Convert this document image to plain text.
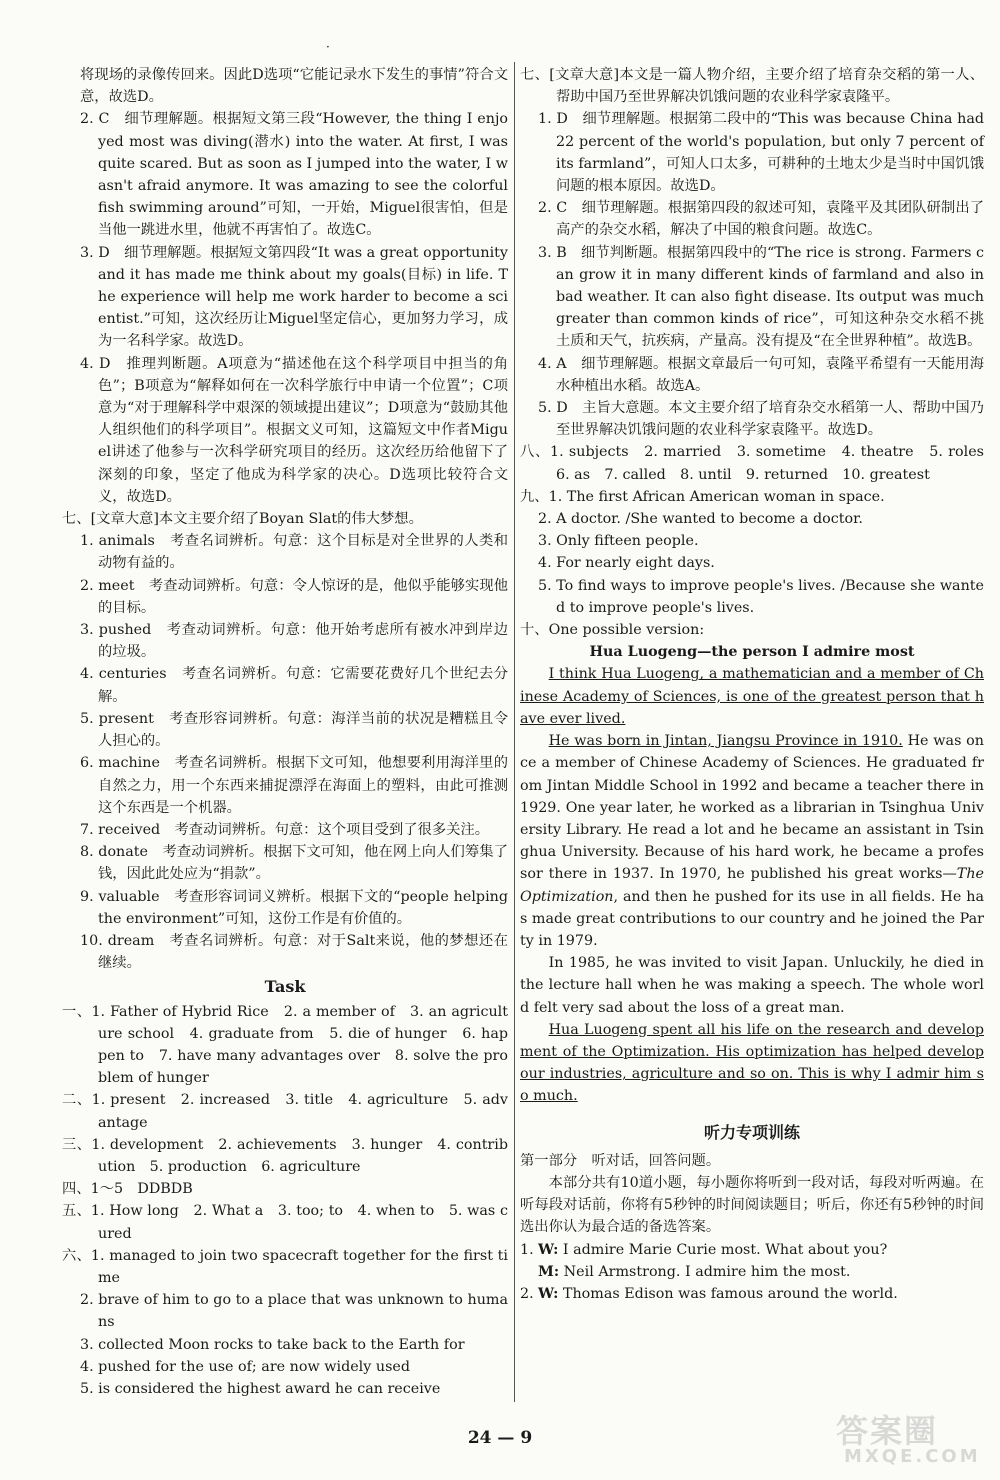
·

将现场的录像传回来。因此D选项“它能记录水下发生的事情”符合文意，故选D。

2. C　细节理解题。根据短文第三段“However, the thing I enjoyed most was diving(潜水) into the water. At first, I was quite scared. But as soon as I jumped into the water, I wasn't afraid anymore. It was amazing to see the colorful fish swimming around”可知，一开始，Miguel很害怕，但是当他一跳进水里，他就不再害怕了。故选C。

3. D　细节理解题。根据短文第四段“It was a great opportunity and it has made me think about my goals(目标) in life. The experience will help me work harder to become a scientist.”可知，这次经历让Miguel坚定信心，更加努力学习，成为一名科学家。故选D。

4. D　推理判断题。A项意为“描述他在这个科学项目中担当的角色”；B项意为“解释如何在一次科学旅行中申请一个位置”；C项意为“对于理解科学中艰深的领域提出建议”；D项意为“鼓励其他人组织他们的科学项目”。根据文义可知，这篇短文中作者Miguel讲述了他参与一次科学研究项目的经历。这次经历给他留下了深刻的印象，坚定了他成为科学家的决心。D选项比较符合文义，故选D。

七、[文章大意]本文主要介绍了Boyan Slat的伟大梦想。

1. animals　考查名词辨析。句意：这个目标是对全世界的人类和动物有益的。

2. meet　考查动词辨析。句意：令人惊讶的是，他似乎能够实现他的目标。

3. pushed　考查动词辨析。句意：他开始考虑所有被水冲到岸边的垃圾。

4. centuries　考查名词辨析。句意：它需要花费好几个世纪去分解。

5. present　考查形容词辨析。句意：海洋当前的状况是糟糕且令人担心的。

6. machine　考查名词辨析。根据下文可知，他想要利用海洋里的自然之力，用一个东西来捕捉漂浮在海面上的塑料，由此可推测这个东西是一个机器。

7. received　考查动词辨析。句意：这个项目受到了很多关注。

8. donate　考查动词辨析。根据下文可知，他在网上向人们筹集了钱，因此此处应为“捐款”。

9. valuable　考查形容词词义辨析。根据下文的“people helping the environment”可知，这份工作是有价值的。

10. dream　考查名词辨析。句意：对于Salt来说，他的梦想还在继续。

Task

一、1. Father of Hybrid Rice　2. a member of　3. an agriculture school　4. graduate from　5. die of hunger　6. happen to　7. have many advantages over　8. solve the problem of hunger

二、1. present　2. increased　3. title　4. agriculture　5. advantage

三、1. development　2. achievements　3. hunger　4. contribution　5. production　6. agriculture

四、1～5　DDBDB

五、1. How long　2. What a　3. too; to　4. when to　5. was cured

六、1. managed to join two spacecraft together for the first time

2. brave of him to go to a place that was unknown to humans

3. collected Moon rocks to take back to the Earth for

4. pushed for the use of; are now widely used

5. is considered the highest award he can receive

七、[文章大意]本文是一篇人物介绍，主要介绍了培育杂交稻的第一人、帮助中国乃至世界解决饥饿问题的农业科学家袁隆平。

1. D　细节理解题。根据第二段中的“This was because China had 22 percent of the world's population, but only 7 percent of its farmland”，可知人口太多，可耕种的土地太少是当时中国饥饿问题的根本原因。故选D。

2. C　细节理解题。根据第四段的叙述可知，袁隆平及其团队研制出了高产的杂交水稻，解决了中国的粮食问题。故选C。

3. B　细节判断题。根据第四段中的“The rice is strong. Farmers can grow it in many different kinds of farmland and also in bad weather. It can also fight disease. Its output was much greater than common kinds of rice”，可知这种杂交水稻不挑土质和天气，抗疾病，产量高。没有提及“在全世界种植”。故选B。

4. A　细节理解题。根据文章最后一句可知，袁隆平希望有一天能用海水种植出水稻。故选A。

5. D　主旨大意题。本文主要介绍了培育杂交水稻第一人、帮助中国乃至世界解决饥饿问题的农业科学家袁隆平。故选D。

八、1. subjects　2. married　3. sometime　4. theatre　5. roles　6. as　7. called　8. until　9. returned　10. greatest

九、1. The first African American woman in space.

2. A doctor. /She wanted to become a doctor.

3. Only fifteen people.

4. For nearly eight days.

5. To find ways to improve people's lives. /Because she wanted to improve people's lives.

十、One possible version:

Hua Luogeng—the person I admire most

I think Hua Luogeng, a mathematician and a member of Chinese Academy of Sciences, is one of the greatest person that have ever lived.

He was born in Jintan, Jiangsu Province in 1910. He was once a member of Chinese Academy of Sciences. He graduated from Jintan Middle School in 1992 and became a teacher there in 1929. One year later, he worked as a librarian in Tsinghua University Library. He read a lot and he became an assistant in Tsinghua University. Because of his hard work, he became a professor there in 1937. In 1970, he published his great works—The Optimization, and then he pushed for its use in all fields. He has made great contributions to our country and he joined the Party in 1979.

In 1985, he was invited to visit Japan. Unluckily, he died in the lecture hall when he was making a speech. The whole world felt very sad about the loss of a great man.

Hua Luogeng spent all his life on the research and development of the Optimization. His optimization has helped develop our industries, agriculture and so on. This is why I admir him so much.

听力专项训练

第一部分　听对话，回答问题。

本部分共有10道小题，每小题你将听到一段对话，每段对听两遍。在听每段对话前，你将有5秒钟的时间阅读题目；听后，你还有5秒钟的时间选出你认为最合适的备选答案。

1. W: I admire Marie Curie most. What about you?

M: Neil Armstrong. I admire him the most.

2. W: Thomas Edison was famous around the world.

24 — 9	答案圈
MXQE.COM
